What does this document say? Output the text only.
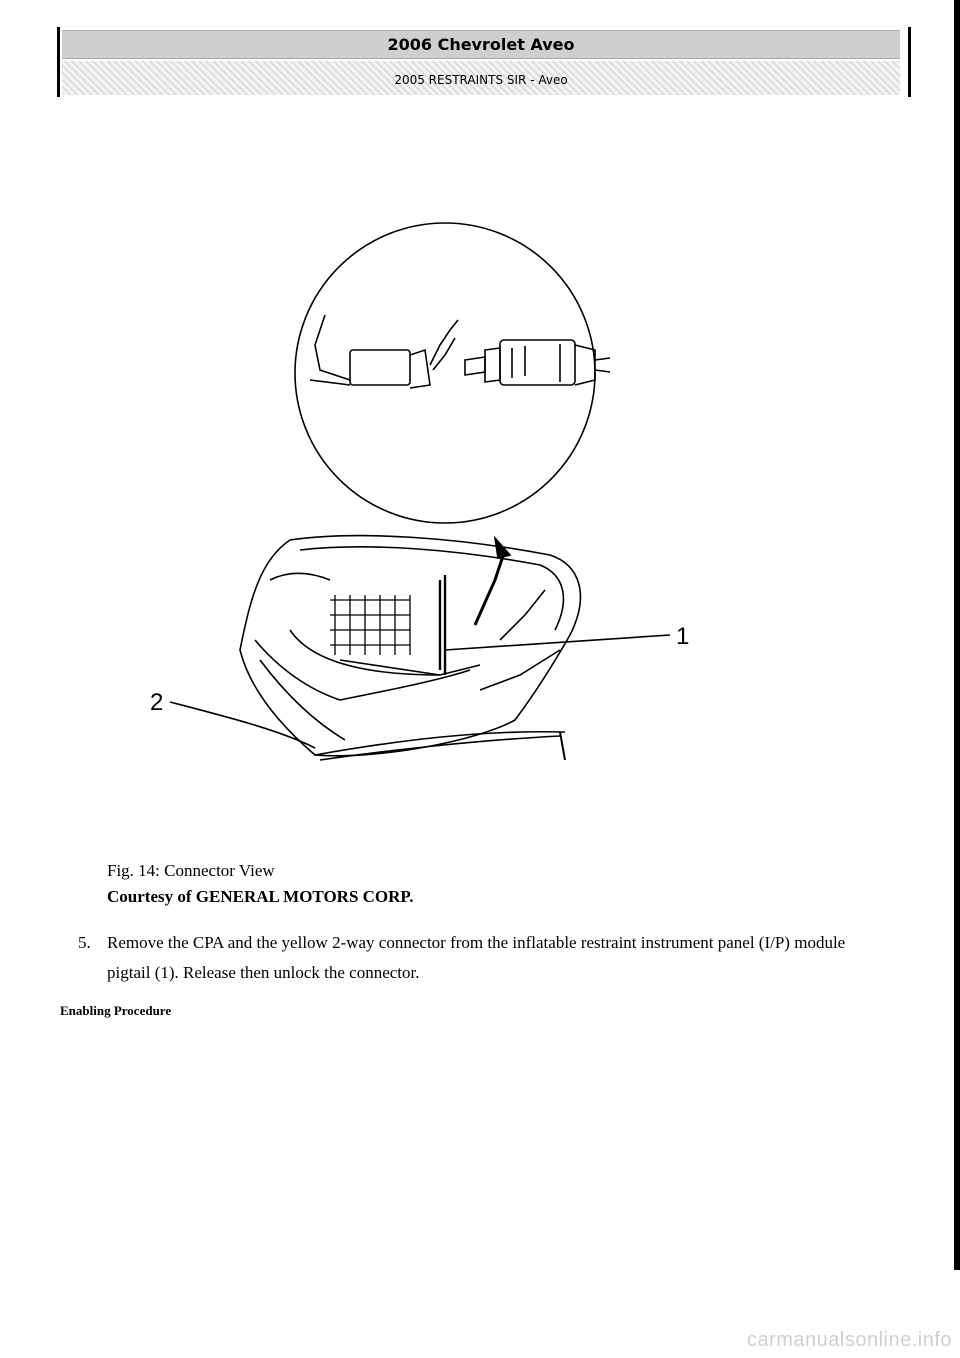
2006 Chevrolet Aveo
2005 RESTRAINTS SIR - Aveo
1
2
Fig. 14: Connector View
Courtesy of GENERAL MOTORS CORP.
5. Remove the CPA and the yellow 2-way connector from the inflatable restraint instrument panel (I/P) module pigtail (1). Release then unlock the connector.
Enabling Procedure
carmanualsonline.info
